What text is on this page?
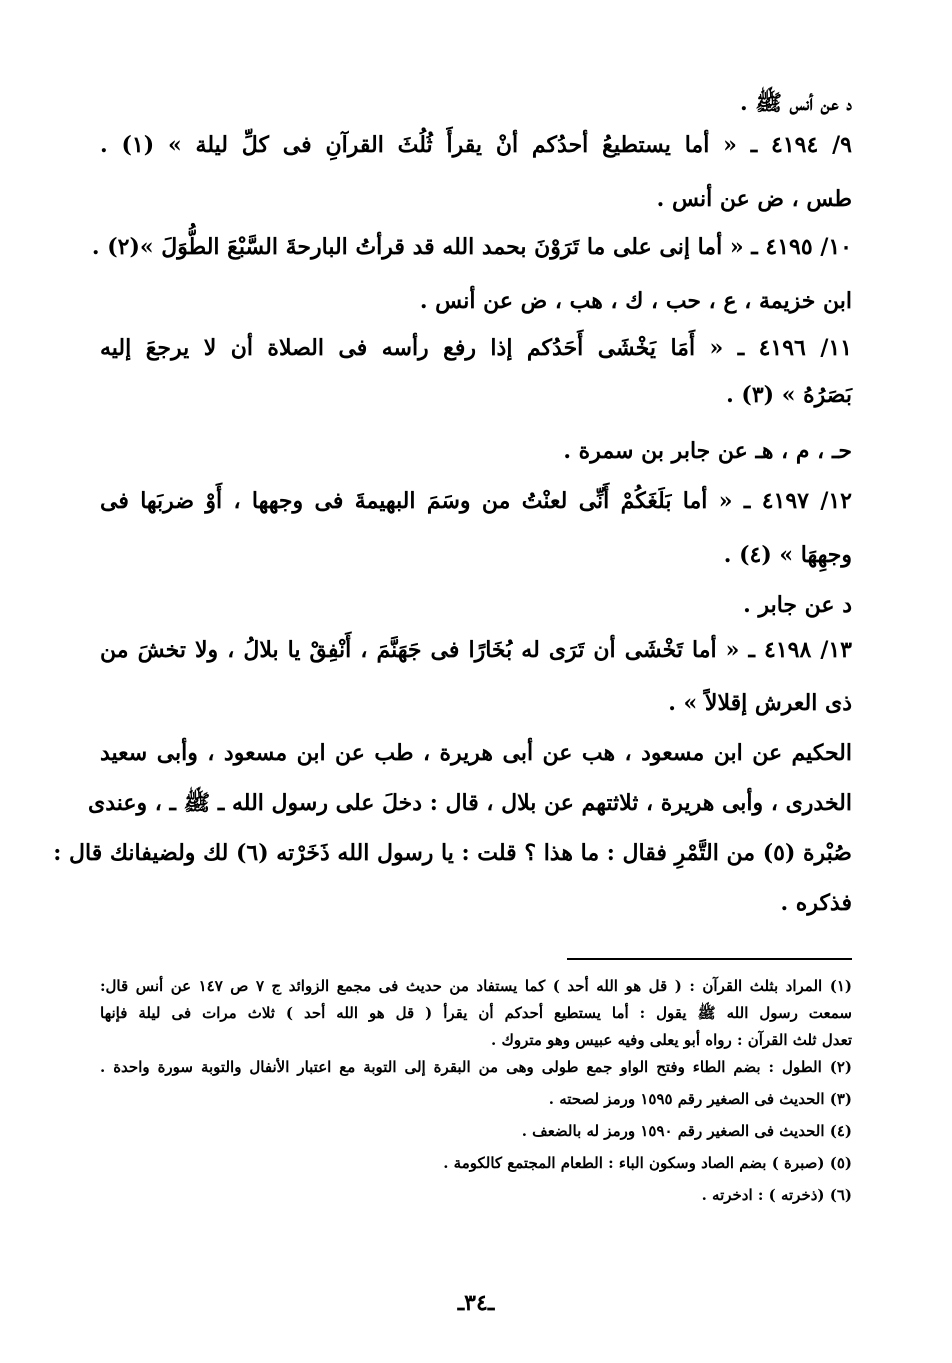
د عن أنس ﷺ .
٩/ ٤١٩٤ ـ « أما يستطيعُ أحدُكم أنْ يقرأَ ثُلُثَ القرآنِ فى كلِّ ليلة » (١) .
طس ، ض عن أنس .
١٠/ ٤١٩٥ ـ « أما إنى على ما تَرَوْنَ بحمد الله قد قرأتُ البارحةَ السَّبْعَ الطُّوَلَ »(٢) .
ابن خزيمة ، ع ، حب ، ك ، هب ، ض عن أنس .
١١/ ٤١٩٦ ـ « أَمَا يَخْشَى أَحَدُكم إذا رفع رأسه فى الصلاة أن لا يرجعَ إليه
بَصَرُهُ » (٣) .
حـ ، م ، هـ عن جابر بن سمرة .
١٢/ ٤١٩٧ ـ « أما بَلَغَكُمْ أَنِّى لعنْتُ من وسَمَ البهيمةَ فى وجهها ، أَوْ ضربَها فى
وجهِهَا » (٤) .
د عن جابر .
١٣/ ٤١٩٨ ـ « أما تَخْشَى أن تَرَى له بُخَارًا فى جَهَنَّمَ ، أَنْفِقْ يا بلالُ ، ولا تخشَ من
ذى العرش إقلالاً » .
الحكيم عن ابن مسعود ، هب عن أبى هريرة ، طب عن ابن مسعود ، وأبى سعيد
الخدرى ، وأبى هريرة ، ثلاثتهم عن بلال ، قال : دخلَ على رسول الله ـ ﷺ ـ ، وعندى
صُبْرة (٥) من التَّمْرِ فقال : ما هذا ؟ قلت : يا رسول الله ذَخَرْته (٦) لك ولضيفانك قال :
فذكره .
(١) المراد بثلث القرآن : ( قل هو الله أحد ) كما يستفاد من حديث فى مجمع الزوائد ج ٧ ص ١٤٧ عن أنس قال:
سمعت رسول الله ﷺ يقول : أما يستطيع أحدكم أن يقرأ ( قل هو الله أحد ) ثلاث مرات فى ليلة فإنها
تعدل ثلث القرآن : رواه أبو يعلى وفيه عبيس وهو متروك .
(٢) الطول : بضم الطاء وفتح الواو جمع طولى وهى من البقرة إلى التوبة مع اعتبار الأنفال والتوبة سورة واحدة .
(٣) الحديث فى الصغير رقم ١٥٩٥ ورمز لصحته .
(٤) الحديث فى الصغير رقم ١٥٩٠ ورمز له بالضعف .
(٥) (صبرة ) بضم الصاد وسكون الباء : الطعام المجتمع كالكومة .
(٦) (ذخرته ) : ادخرته .
ـ٣٤ـ
